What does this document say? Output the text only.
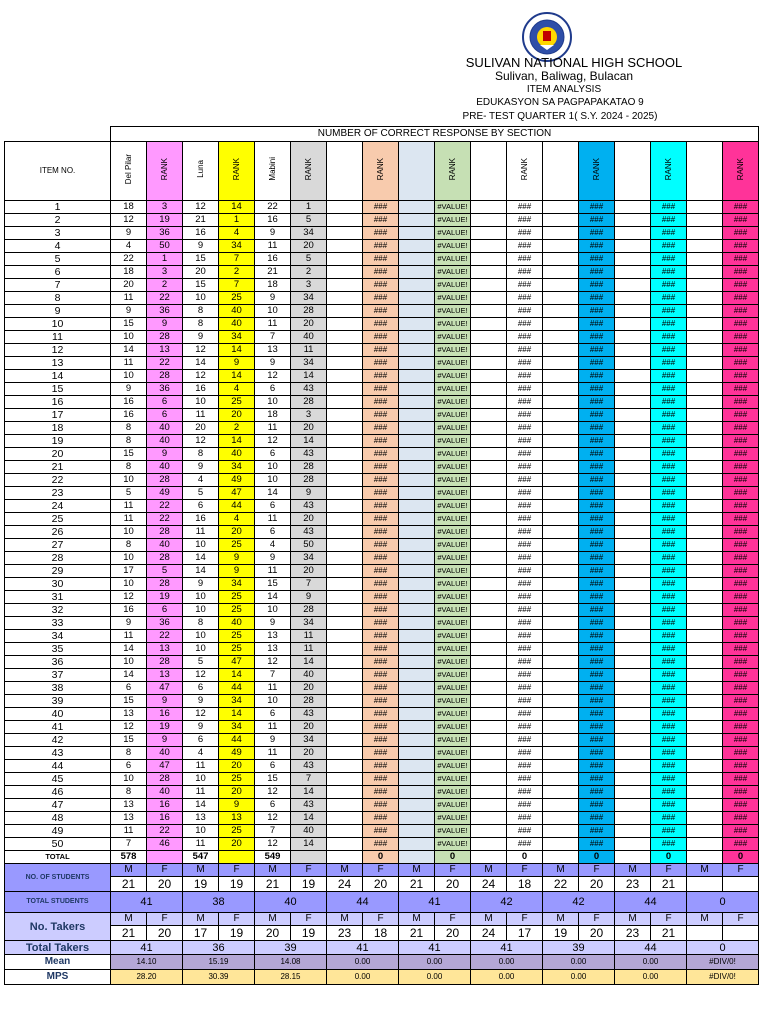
SULIVAN NATIONAL HIGH SCHOOL
Sulivan, Baliwag, Bulacan
ITEM ANALYSIS
EDUKASYON SA PAGPAPAKATAO 9
PRE- TEST QUARTER 1( S.Y. 2024 - 2025)
	NUMBER OF CORRECT RESPONSE BY SECTION																	
ITEM NO.	Del Pilar	RANK	Luna	RANK	Mabini	RANK		RANK		RANK		RANK		RANK		RANK		RANK
1	18	3	12	14	22	1		###		#VALUE!		###		###		###		###
2	12	19	21	1	16	5		###		#VALUE!		###		###		###		###
3	9	36	16	4	9	34		###		#VALUE!		###		###		###		###
4	4	50	9	34	11	20		###		#VALUE!		###		###		###		###
5	22	1	15	7	16	5		###		#VALUE!		###		###		###		###
6	18	3	20	2	21	2		###		#VALUE!		###		###		###		###
7	20	2	15	7	18	3		###		#VALUE!		###		###		###		###
8	11	22	10	25	9	34		###		#VALUE!		###		###		###		###
9	9	36	8	40	10	28		###		#VALUE!		###		###		###		###
10	15	9	8	40	11	20		###		#VALUE!		###		###		###		###
11	10	28	9	34	7	40		###		#VALUE!		###		###		###		###
12	14	13	12	14	13	11		###		#VALUE!		###		###		###		###
13	11	22	14	9	9	34		###		#VALUE!		###		###		###		###
14	10	28	12	14	12	14		###		#VALUE!		###		###		###		###
15	9	36	16	4	6	43		###		#VALUE!		###		###		###		###
16	16	6	10	25	10	28		###		#VALUE!		###		###		###		###
17	16	6	11	20	18	3		###		#VALUE!		###		###		###		###
18	8	40	20	2	11	20		###		#VALUE!		###		###		###		###
19	8	40	12	14	12	14		###		#VALUE!		###		###		###		###
20	15	9	8	40	6	43		###		#VALUE!		###		###		###		###
21	8	40	9	34	10	28		###		#VALUE!		###		###		###		###
22	10	28	4	49	10	28		###		#VALUE!		###		###		###		###
23	5	49	5	47	14	9		###		#VALUE!		###		###		###		###
24	11	22	6	44	6	43		###		#VALUE!		###		###		###		###
25	11	22	16	4	11	20		###		#VALUE!		###		###		###		###
26	10	28	11	20	6	43		###		#VALUE!		###		###		###		###
27	8	40	10	25	4	50		###		#VALUE!		###		###		###		###
28	10	28	14	9	9	34		###		#VALUE!		###		###		###		###
29	17	5	14	9	11	20		###		#VALUE!		###		###		###		###
30	10	28	9	34	15	7		###		#VALUE!		###		###		###		###
31	12	19	10	25	14	9		###		#VALUE!		###		###		###		###
32	16	6	10	25	10	28		###		#VALUE!		###		###		###		###
33	9	36	8	40	9	34		###		#VALUE!		###		###		###		###
34	11	22	10	25	13	11		###		#VALUE!		###		###		###		###
35	14	13	10	25	13	11		###		#VALUE!		###		###		###		###
36	10	28	5	47	12	14		###		#VALUE!		###		###		###		###
37	14	13	12	14	7	40		###		#VALUE!		###		###		###		###
38	6	47	6	44	11	20		###		#VALUE!		###		###		###		###
39	15	9	9	34	10	28		###		#VALUE!		###		###		###		###
40	13	16	12	14	6	43		###		#VALUE!		###		###		###		###
41	12	19	9	34	11	20		###		#VALUE!		###		###		###		###
42	15	9	6	44	9	34		###		#VALUE!		###		###		###		###
43	8	40	4	49	11	20		###		#VALUE!		###		###		###		###
44	6	47	11	20	6	43		###		#VALUE!		###		###		###		###
45	10	28	10	25	15	7		###		#VALUE!		###		###		###		###
46	8	40	11	20	12	14		###		#VALUE!		###		###		###		###
47	13	16	14	9	6	43		###		#VALUE!		###		###		###		###
48	13	16	13	13	12	14		###		#VALUE!		###		###		###		###
49	11	22	10	25	7	40		###		#VALUE!		###		###		###		###
50	7	46	11	20	12	14		###		#VALUE!		###		###		###		###
TOTAL	578		547		549			0		0		0		0		0		0
NO. OF STUDENTS	M	F	M	F	M	F	M	F	M	F	M	F	M	F	M	F	M	F
	21	20	19	19	21	19	24	20	21	20	24	18	22	20	23	21		
TOTAL STUDENTS	41		38		40		44		41		42		42		44		0	
No. Takers	M	F	M	F	M	F	M	F	M	F	M	F	M	F	M	F	M	F
	21	20	17	19	20	19	23	18	21	20	24	17	19	20	23	21		
Total Takers	41		36		39		41		41		41		39		44		0	
Mean	14.10		15.19		14.08		0.00		0.00		0.00		0.00		0.00		#DIV/0!	
MPS	28.20		30.39		28.15		0.00		0.00		0.00		0.00		0.00		#DIV/0!	
